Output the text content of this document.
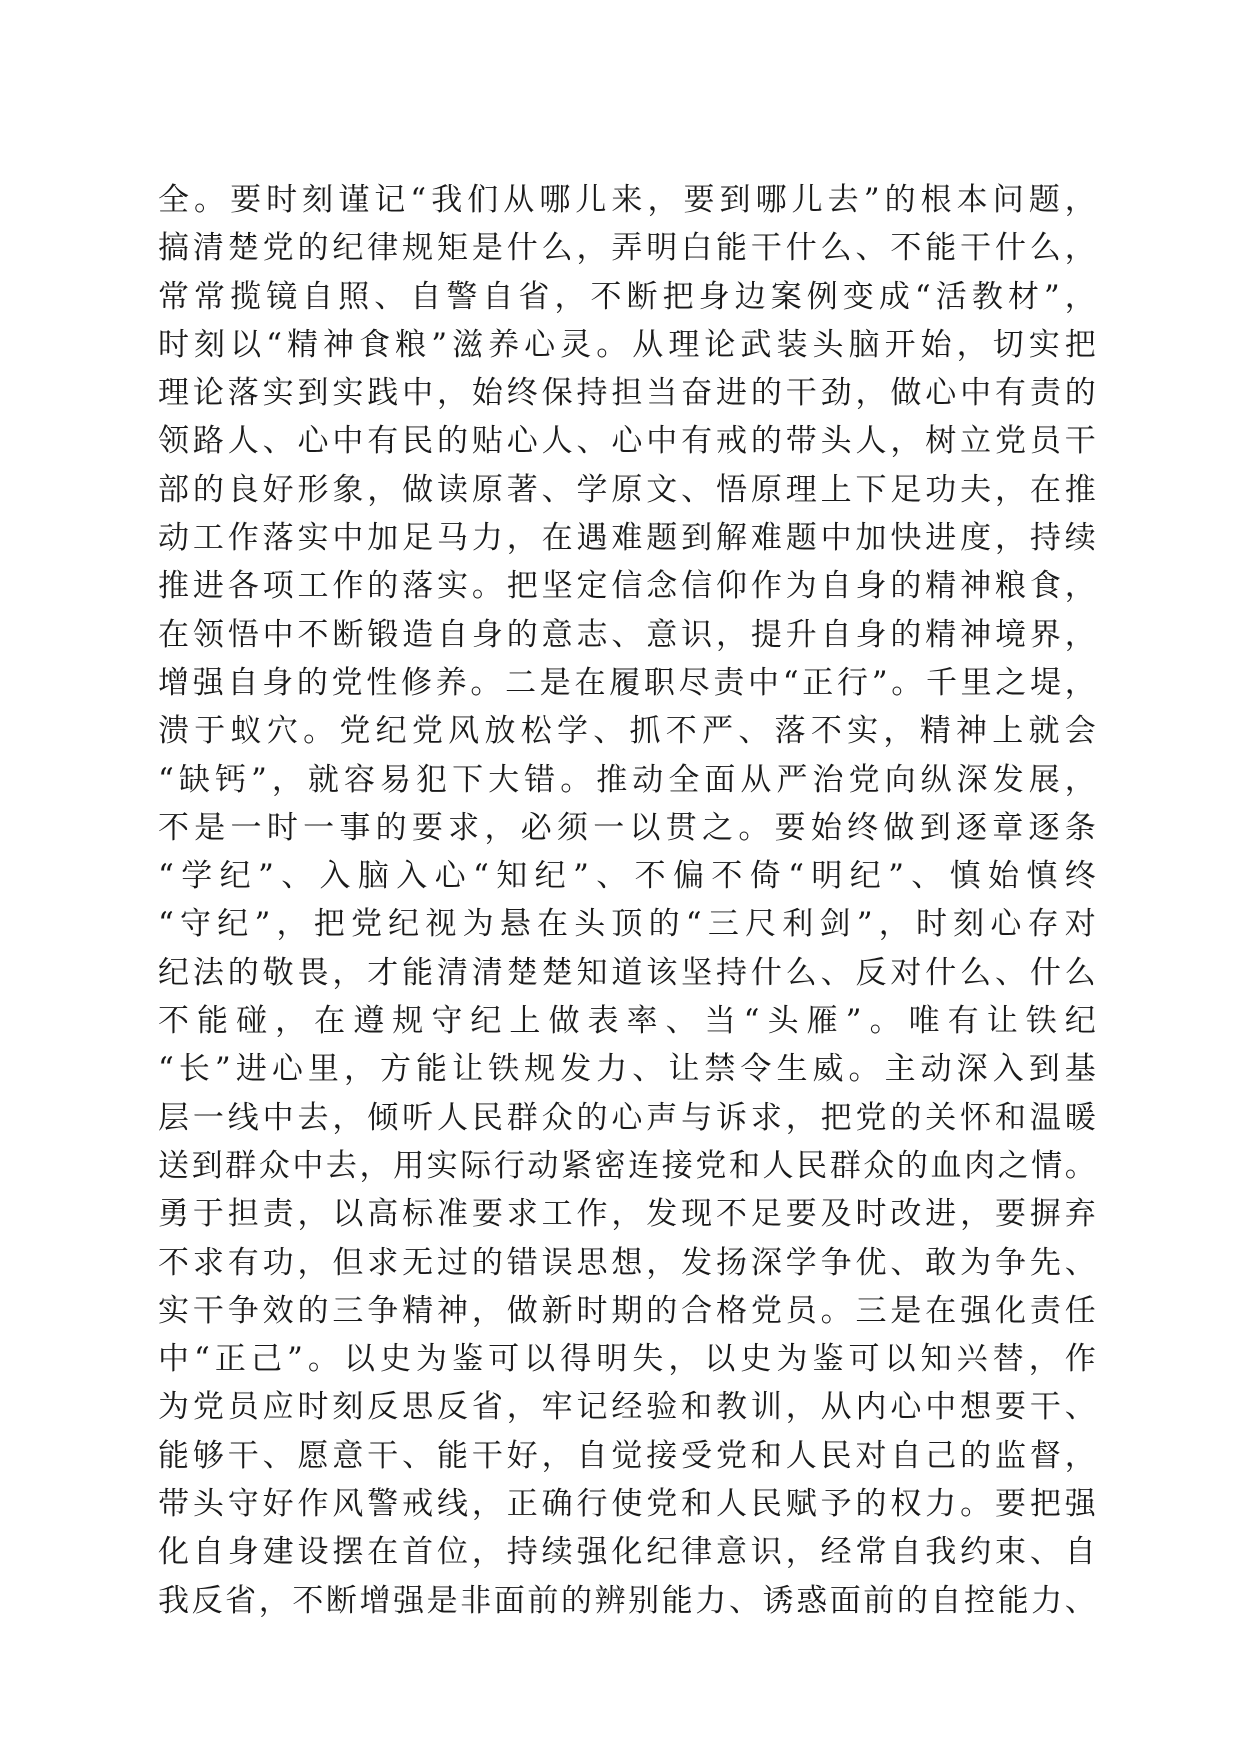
全。要时刻谨记“我们从哪儿来，要到哪儿去”的根本问题，
搞清楚党的纪律规矩是什么，弄明白能干什么、不能干什么，
常常揽镜自照、自警自省，不断把身边案例变成“活教材”，
时刻以“精神食粮”滋养心灵。从理论武装头脑开始，切实把
理论落实到实践中，始终保持担当奋进的干劲，做心中有责的
领路人、心中有民的贴心人、心中有戒的带头人，树立党员干
部的良好形象，做读原著、学原文、悟原理上下足功夫，在推
动工作落实中加足马力，在遇难题到解难题中加快进度，持续
推进各项工作的落实。把坚定信念信仰作为自身的精神粮食，
在领悟中不断锻造自身的意志、意识，提升自身的精神境界，
增强自身的党性修养。二是在履职尽责中“正行”。千里之堤，
溃于蚁穴。党纪党风放松学、抓不严、落不实，精神上就会
“缺钙”，就容易犯下大错。推动全面从严治党向纵深发展，
不是一时一事的要求，必须一以贯之。要始终做到逐章逐条
“学纪”、入脑入心“知纪”、不偏不倚“明纪”、慎始慎终
“守纪”，把党纪视为悬在头顶的“三尺利剑”，时刻心存对
纪法的敬畏，才能清清楚楚知道该坚持什么、反对什么、什么
不能碰，在遵规守纪上做表率、当“头雁”。唯有让铁纪
“长”进心里，方能让铁规发力、让禁令生威。主动深入到基
层一线中去，倾听人民群众的心声与诉求，把党的关怀和温暖
送到群众中去，用实际行动紧密连接党和人民群众的血肉之情。
勇于担责，以高标准要求工作，发现不足要及时改进，要摒弃
不求有功，但求无过的错误思想，发扬深学争优、敢为争先、
实干争效的三争精神，做新时期的合格党员。三是在强化责任
中“正己”。以史为鉴可以得明失，以史为鉴可以知兴替，作
为党员应时刻反思反省，牢记经验和教训，从内心中想要干、
能够干、愿意干、能干好，自觉接受党和人民对自己的监督，
带头守好作风警戒线，正确行使党和人民赋予的权力。要把强
化自身建设摆在首位，持续强化纪律意识，经常自我约束、自
我反省，不断增强是非面前的辨别能力、诱惑面前的自控能力、
